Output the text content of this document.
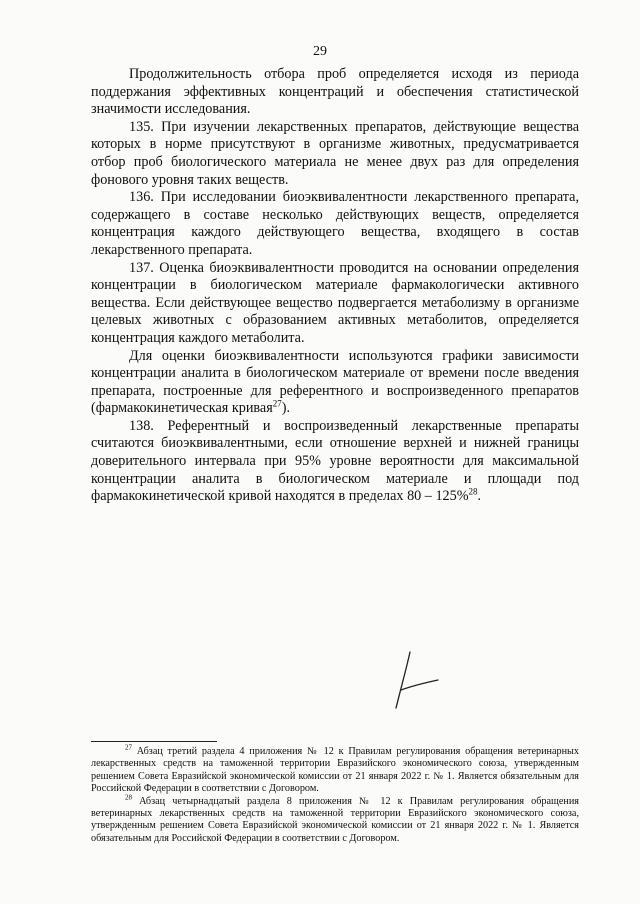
29

Продолжительность отбора проб определяется исходя из периода поддержания эффективных концентраций и обеспечения статистической значимости исследования.

135. При изучении лекарственных препаратов, действующие вещества которых в норме присутствуют в организме животных, предусматривается отбор проб биологического материала не менее двух раз для определения фонового уровня таких веществ.

136. При исследовании биоэквивалентности лекарственного препарата, содержащего в составе несколько действующих веществ, определяется концентрация каждого действующего вещества, входящего в состав лекарственного препарата.

137. Оценка биоэквивалентности проводится на основании определения концентрации в биологическом материале фармакологически активного вещества. Если действующее вещество подвергается метаболизму в организме целевых животных с образованием активных метаболитов, определяется концентрация каждого метаболита.

Для оценки биоэквивалентности используются графики зависимости концентрации аналита в биологическом материале от времени после введения препарата, построенные для референтного и воспроизведенного препаратов (фармакокинетическая кривая$^{27}$).

138. Референтный и воспроизведенный лекарственные препараты считаются биоэквивалентными, если отношение верхней и нижней границы доверительного интервала при 95% уровне вероятности для максимальной концентрации аналита в биологическом материале и площади под фармакокинетической кривой находятся в пределах 80 – 125%$^{28}$.

$^{27}$ Абзац третий раздела 4 приложения № 12 к Правилам регулирования обращения ветеринарных лекарственных средств на таможенной территории Евразийского экономического союза, утвержденным решением Совета Евразийской экономической комиссии от 21 января 2022 г. № 1. Является обязательным для Российской Федерации в соответствии с Договором.

$^{28}$ Абзац четырнадцатый раздела 8 приложения № 12 к Правилам регулирования обращения ветеринарных лекарственных средств на таможенной территории Евразийского экономического союза, утвержденным решением Совета Евразийской экономической комиссии от 21 января 2022 г. № 1. Является обязательным для Российской Федерации в соответствии с Договором.
